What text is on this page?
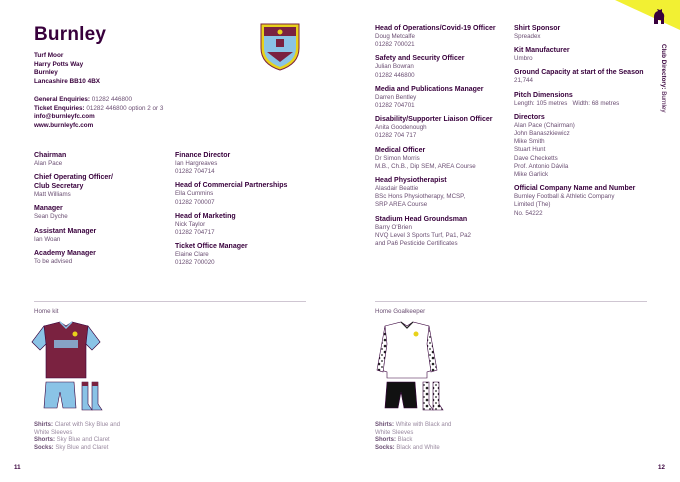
Club Directory: Burnley
Burnley
Turf Moor
Harry Potts Way
Burnley
Lancashire BB10 4BX
General Enquiries: 01282 446800
Ticket Enquiries: 01282 446800 option 2 or 3
info@burnleyfc.com
www.burnleyfc.com
Chairman
Alan Pace
Chief Operating Officer/ Club Secretary
Matt Williams
Manager
Sean Dyche
Assistant Manager
Ian Woan
Academy Manager
To be advised
Finance Director
Ian Hargreaves
01282 704714
Head of Commercial Partnerships
Ella Cummins
01282 700007
Head of Marketing
Nick Taylor
01282 704717
Ticket Office Manager
Elaine Clare
01282 700020
Head of Operations/Covid-19 Officer
Doug Metcalfe
01282 700021
Safety and Security Officer
Julian Bowran
01282 446800
Media and Publications Manager
Darren Bentley
01282 704701
Disability/Supporter Liaison Officer
Anita Goodenough
01282 704 717
Medical Officer
Dr Simon Morris
M.B., Ch.B., Dip SEM, AREA Course
Head Physiotherapist
Alasdair Beattie
BSc Hons Physiotherapy, MCSP,
SRP AREA Course
Stadium Head Groundsman
Barry O'Brien
NVQ Level 3 Sports Turf, Pa1, Pa2
and Pa6 Pesticide Certificates
Shirt Sponsor
Spreadex
Kit Manufacturer
Umbro
Ground Capacity at start of the Season
21,744
Pitch Dimensions
Length: 105 metres   Width: 68 metres
Directors
Alan Pace (Chairman)
John Banaszkiewicz
Mike Smith
Stuart Hunt
Dave Checketts
Prof. Antonio Dávila
Mike Garlick
Official Company Name and Number
Burnley Football & Athletic Company
Limited (The)
No. 54222
Home kit
Shirts: Claret with Sky Blue and White Sleeves
Shorts: Sky Blue and Claret
Socks: Sky Blue and Claret
Home Goalkeeper
Shirts: White with Black and White Sleeves
Shorts: Black
Socks: Black and White
11	12
